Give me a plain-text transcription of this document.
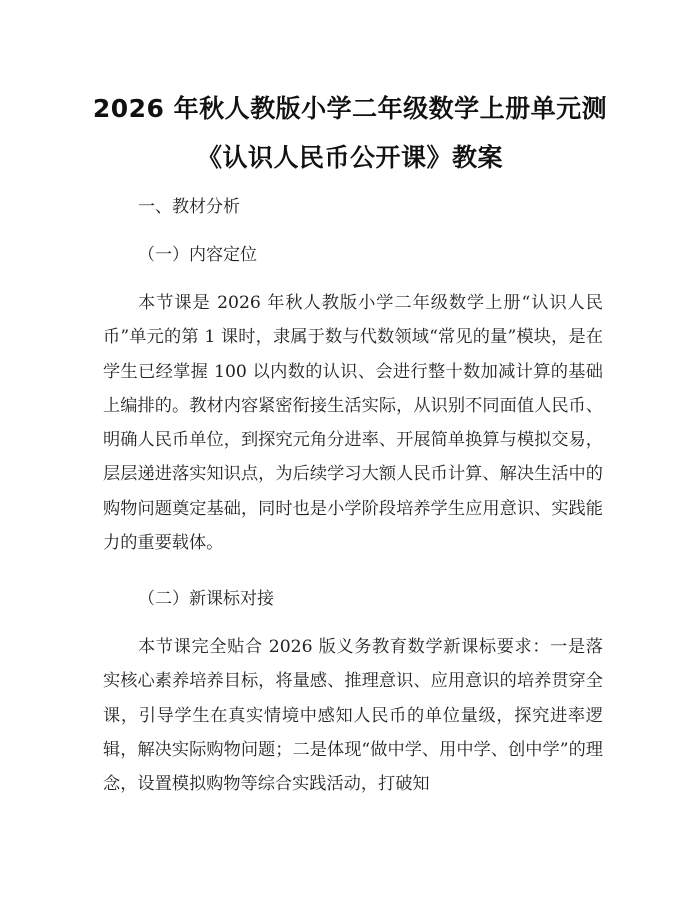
2026 年秋人教版小学二年级数学上册单元测
《认识人民币公开课》教案
一、教材分析
（一）内容定位

本节课是 2026 年秋人教版小学二年级数学上册“认识人民币”单元的第 1 课时，隶属于数与代数领域“常见的量”模块，是在学生已经掌握 100 以内数的认识、会进行整十数加减计算的基础上编排的。教材内容紧密衔接生活实际，从识别不同面值人民币、明确人民币单位，到探究元角分进率、开展简单换算与模拟交易，层层递进落实知识点，为后续学习大额人民币计算、解决生活中的购物问题奠定基础，同时也是小学阶段培养学生应用意识、实践能力的重要载体。

（二）新课标对接

本节课完全贴合 2026 版义务教育数学新课标要求：一是落实核心素养培养目标，将量感、推理意识、应用意识的培养贯穿全课，引导学生在真实情境中感知人民币的单位量级，探究进率逻辑，解决实际购物问题；二是体现“做中学、用中学、创中学”的理念，设置模拟购物等综合实践活动，打破知
